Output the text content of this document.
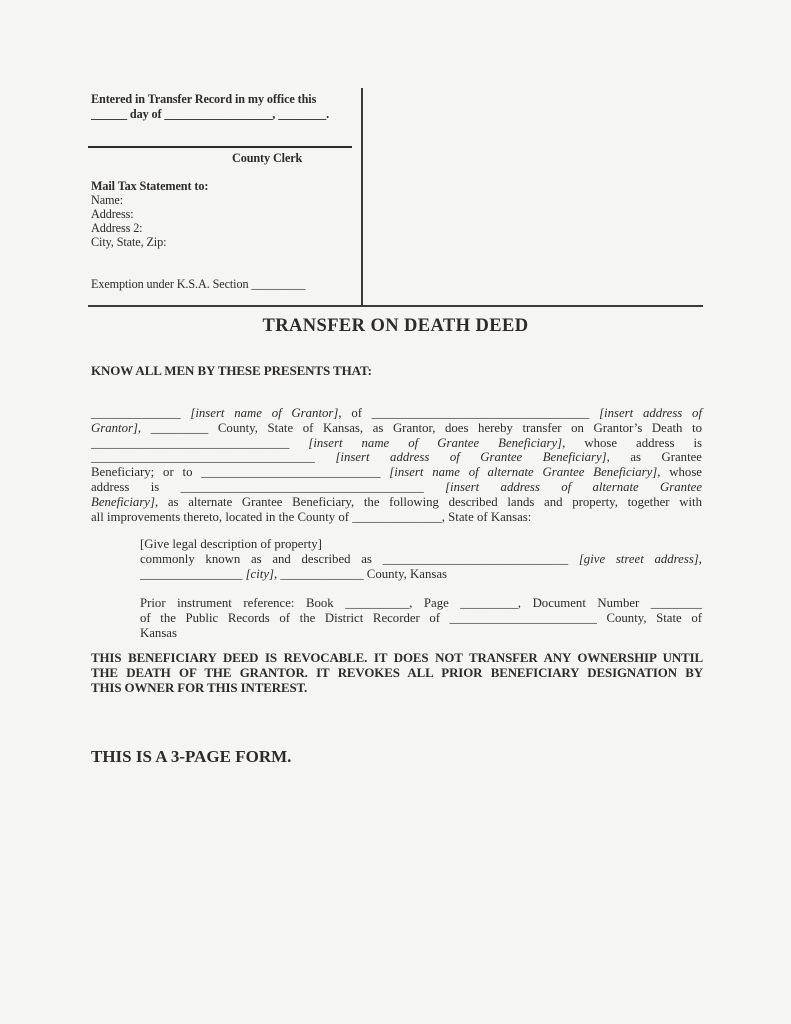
Entered in Transfer Record in my office this
______ day of __________________, ________.
County Clerk
Mail Tax Statement to:
Name:
Address:
Address 2:
City, State, Zip:
Exemption under K.S.A. Section _________
TRANSFER ON DEATH DEED
KNOW ALL MEN BY THESE PRESENTS THAT:
______________ [insert name of Grantor], of __________________________________ [insert address of
Grantor], _________ County, State of Kansas, as Grantor, does hereby transfer on Grantor’s Death to
_______________________________ [insert name of Grantee Beneficiary], whose address is
___________________________________ [insert address of Grantee Beneficiary], as Grantee
Beneficiary; or to ____________________________ [insert name of alternate Grantee Beneficiary], whose
address is ______________________________________ [insert address of alternate Grantee
Beneficiary], as alternate Grantee Beneficiary, the following described lands and property, together with
all improvements thereto, located in the County of ______________, State of Kansas:
[Give legal description of property]
commonly known as and described as _____________________________ [give street address],
________________ [city], _____________ County, Kansas
Prior instrument reference: Book __________, Page _________, Document Number ________
of the Public Records of the District Recorder of _______________________ County, State of
Kansas
THIS BENEFICIARY DEED IS REVOCABLE. IT DOES NOT TRANSFER ANY OWNERSHIP UNTIL
THE DEATH OF THE GRANTOR. IT REVOKES ALL PRIOR BENEFICIARY DESIGNATION BY
THIS OWNER FOR THIS INTEREST.
THIS IS A 3-PAGE FORM.
